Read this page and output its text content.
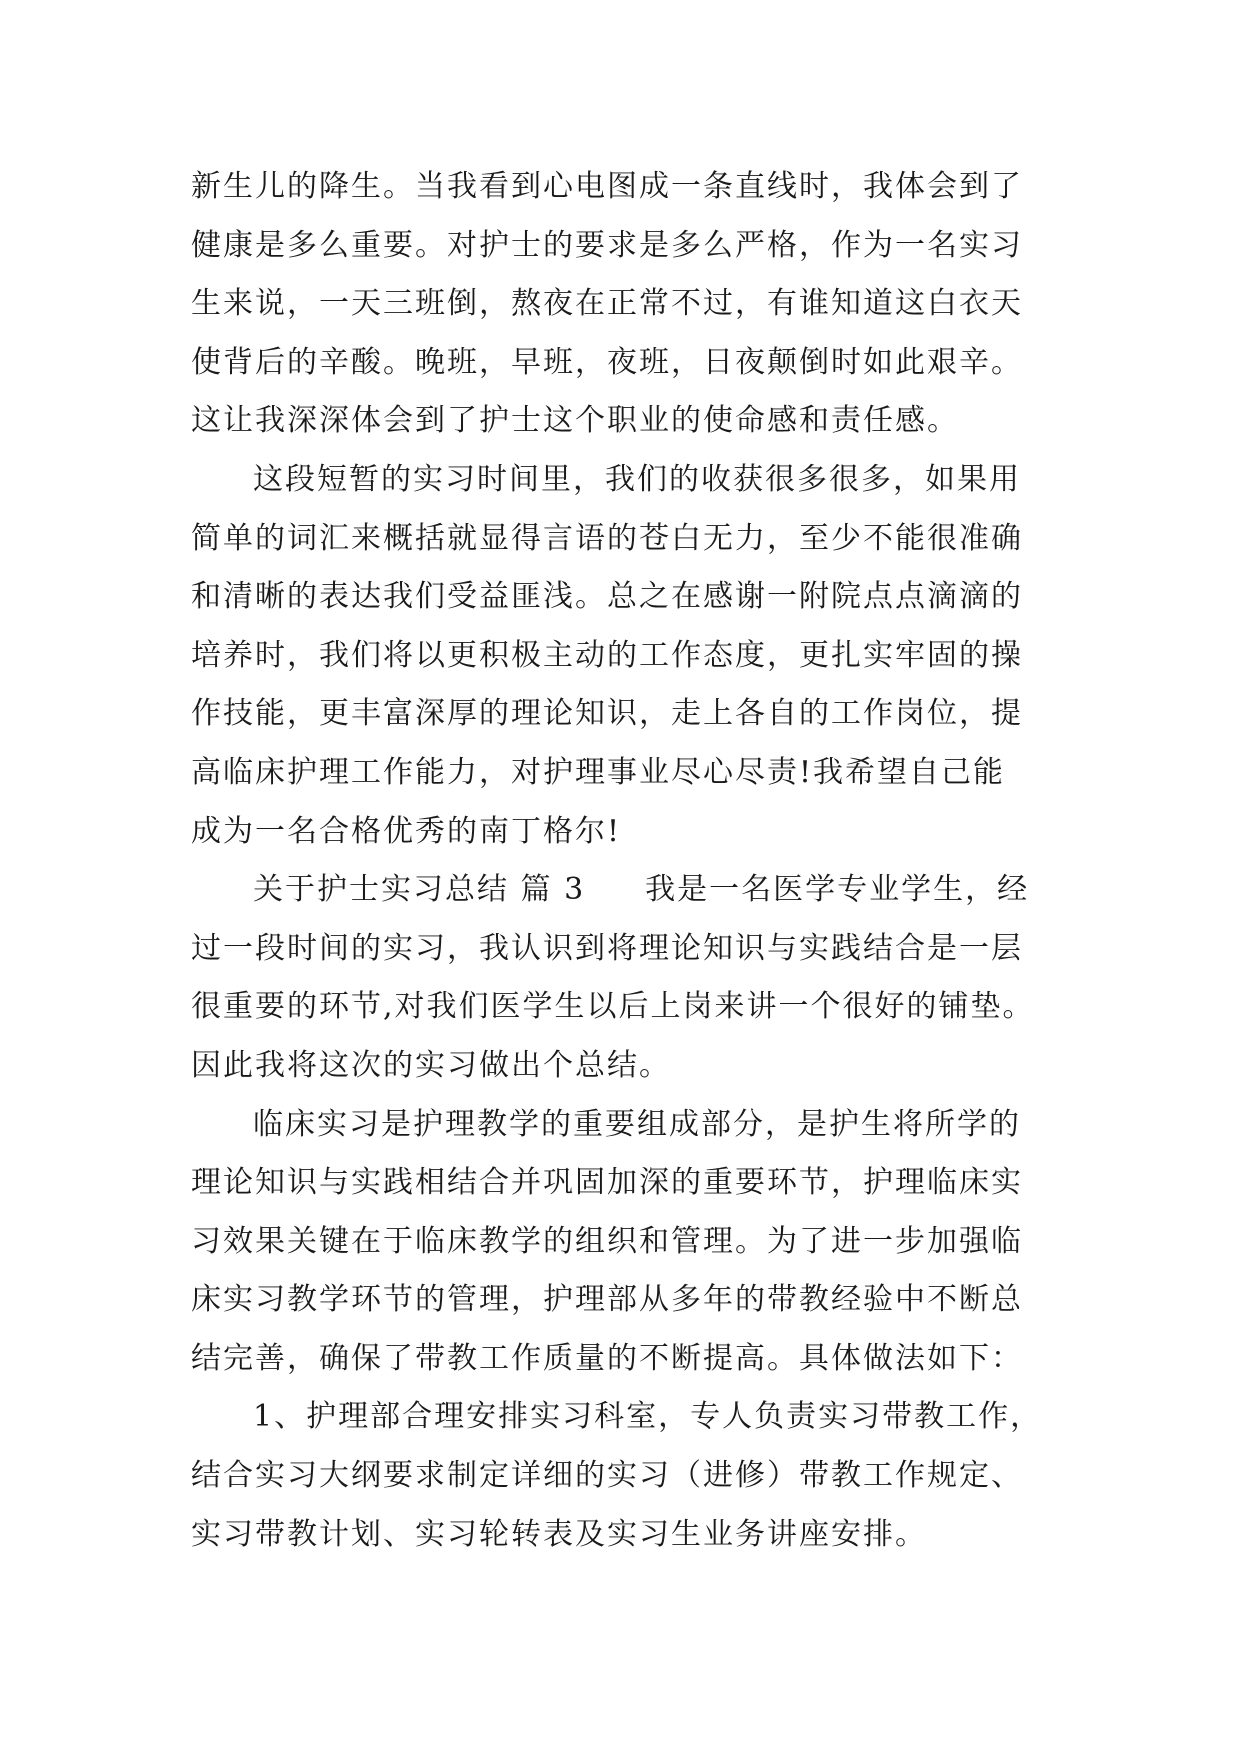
新生儿的降生。当我看到心电图成一条直线时，我体会到了
健康是多么重要。对护士的要求是多么严格，作为一名实习
生来说，一天三班倒，熬夜在正常不过，有谁知道这白衣天
使背后的辛酸。晚班，早班，夜班，日夜颠倒时如此艰辛。
这让我深深体会到了护士这个职业的使命感和责任感。
这段短暂的实习时间里，我们的收获很多很多，如果用
简单的词汇来概括就显得言语的苍白无力，至少不能很准确
和清晰的表达我们受益匪浅。总之在感谢一附院点点滴滴的
培养时，我们将以更积极主动的工作态度，更扎实牢固的操
作技能，更丰富深厚的理论知识，走上各自的工作岗位，提
高临床护理工作能力，对护理事业尽心尽责!我希望自己能
成为一名合格优秀的南丁格尔!
关于护士实习总结 篇 3 我是一名医学专业学生，经
过一段时间的实习，我认识到将理论知识与实践结合是一层
很重要的环节,对我们医学生以后上岗来讲一个很好的铺垫。
因此我将这次的实习做出个总结。
临床实习是护理教学的重要组成部分，是护生将所学的
理论知识与实践相结合并巩固加深的重要环节，护理临床实
习效果关键在于临床教学的组织和管理。为了进一步加强临
床实习教学环节的管理，护理部从多年的带教经验中不断总
结完善，确保了带教工作质量的不断提高。具体做法如下：
1、护理部合理安排实习科室，专人负责实习带教工作，
结合实习大纲要求制定详细的实习（进修）带教工作规定、
实习带教计划、实习轮转表及实习生业务讲座安排。
